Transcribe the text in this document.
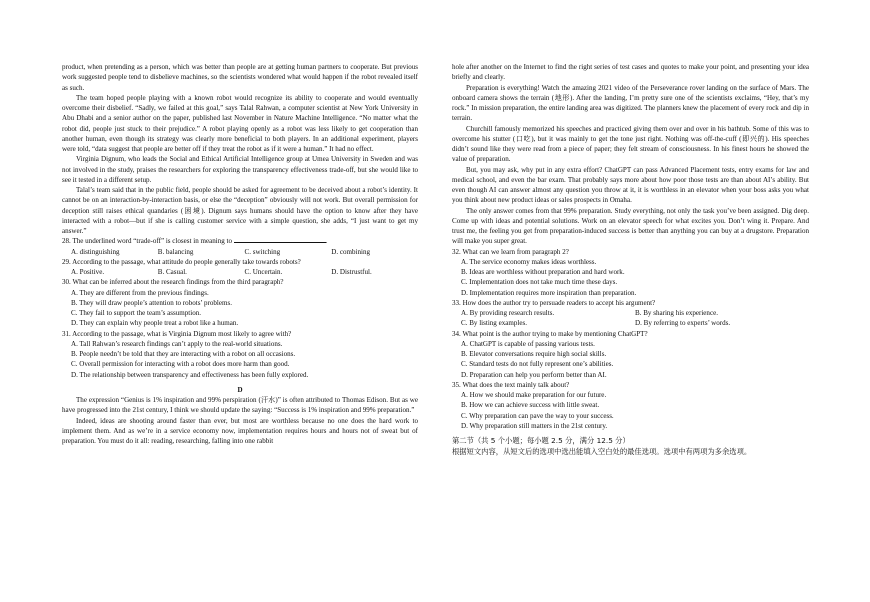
product, when pretending as a person, which was better than people are at getting human partners to cooperate. But previous work suggested people tend to disbelieve machines, so the scientists wondered what would happen if the robot revealed itself as such.

The team hoped people playing with a known robot would recognize its ability to cooperate and would eventually overcome their disbelief. “Sadly, we failed at this goal,” says Talal Rahwan, a computer scientist at New York University in Abu Dhabi and a senior author on the paper, published last November in Nature Machine Intelligence. “No matter what the robot did, people just stuck to their prejudice.” A robot playing openly as a robot was less likely to get cooperation than another human, even though its strategy was clearly more beneficial to both players. In an additional experiment, players were told, “data suggest that people are better off if they treat the robot as if it were a human.” It had no effect.

Virginia Dignum, who leads the Social and Ethical Artificial Intelligence group at Umea University in Sweden and was not involved in the study, praises the researchers for exploring the transparency effectiveness trade-off, but she would like to see it tested in a different setup.

Talal’s team said that in the public field, people should be asked for agreement to be deceived about a robot’s identity. It cannot be on an interaction-by-interaction basis, or else the “deception” obviously will not work. But overall permission for deception still raises ethical quandaries (困境). Dignum says humans should have the option to know after they have interacted with a robot—but if she is calling customer service with a simple question, she adds, “I just want to get my answer.”

28. The underlined word “trade-off” is closest in meaning to	.

A. distinguishing	B. balancing	C. switching	D. combining

29. According to the passage, what attitude do people generally take towards robots?

A. Positive.	B. Casual.	C. Uncertain.	D. Distrustful.

30. What can be inferred about the research findings from the third paragraph?

A. They are different from the previous findings.

B. They will draw people’s attention to robots’ problems.

C. They fail to support the team’s assumption.

D. They can explain why people treat a robot like a human.

31. According to the passage, what is Virginia Dignum most likely to agree with?

A. Tall Rahwan’s research findings can’t apply to the real-world situations.

B. People needn’t be told that they are interacting with a robot on all occasions.

C. Overall permission for interacting with a robot does more harm than good.

D. The relationship between transparency and effectiveness has been fully explored.

D

The expression “Genius is 1% inspiration and 99% perspiration (汗水)” is often attributed to Thomas Edison. But as we have progressed into the 21st century, I think we should update the saying: “Success is 1% inspiration and 99% preparation.”

Indeed, ideas are shooting around faster than ever, but most are worthless because no one does the hard work to implement them. And as we’re in a service economy now, implementation requires hours and hours not of sweat but of preparation. You must do it all: reading, researching, falling into one rabbit

hole after another on the Internet to find the right series of test cases and quotes to make your point, and presenting your idea briefly and clearly.

Preparation is everything! Watch the amazing 2021 video of the Perseverance rover landing on the surface of Mars. The onboard camera shows the terrain (地形). After the landing, I’m pretty sure one of the scientists exclaims, “Hey, that’s my rock.” In mission preparation, the entire landing area was digitized. The planners knew the placement of every rock and dip in terrain.

Churchill famously memorized his speeches and practiced giving them over and over in his bathtub. Some of this was to overcome his stutter (口吃), but it was mainly to get the tone just right. Nothing was off-the-cuff (即兴的). His speeches didn’t sound like they were read from a piece of paper; they felt stream of consciousness. In his finest hours he showed the value of preparation.

But, you may ask, why put in any extra effort? ChatGPT can pass Advanced Placement tests, entry exams for law and medical school, and even the bar exam. That probably says more about how poor those tests are than about AI’s ability. But even though AI can answer almost any question you throw at it, it is worthless in an elevator when your boss asks you what you think about new product ideas or sales prospects in Omaha.

The only answer comes from that 99% preparation. Study everything, not only the task you’ve been assigned. Dig deep. Come up with ideas and potential solutions. Work on an elevator speech for what excites you. Don’t wing it. Prepare. And trust me, the feeling you get from preparation-induced success is better than anything you can buy at a drugstore. Preparation will make you super great.

32. What can we learn from paragraph 2?

A. The service economy makes ideas worthless.

B. Ideas are worthless without preparation and hard work.

C. Implementation does not take much time these days.

D. Implementation requires more inspiration than preparation.

33. How does the author try to persuade readers to accept his argument?

A. By providing research results.	B. By sharing his experience.
C. By listing examples.	D. By referring to experts’ words.

34. What point is the author trying to make by mentioning ChatGPT?

A. ChatGPT is capable of passing various tests.

B. Elevator conversations require high social skills.

C. Standard tests do not fully represent one’s abilities.

D. Preparation can help you perform better than AI.

35. What does the text mainly talk about?

A. How we should make preparation for our future.

B. How we can achieve success with little sweat.

C. Why preparation can pave the way to your success.

D. Why preparation still matters in the 21st century.

第二节（共 5 个小题；每小题 2.5 分，满分 12.5 分）

根据短文内容，从短文后的选项中选出能填入空白处的最佳选项。选项中有两项为多余选项。
